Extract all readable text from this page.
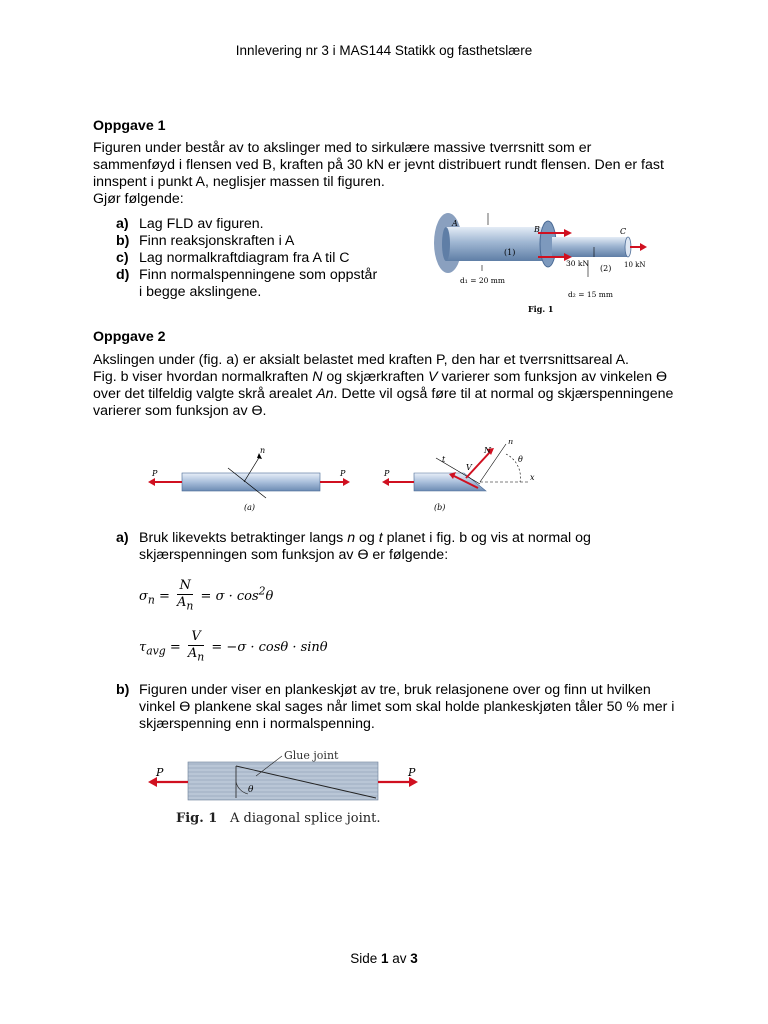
Innlevering nr 3 i MAS144 Statikk og fasthetslære
Oppgave 1
Figuren under består av to akslinger med to sirkulære massive tverrsnitt som er
sammenføyd i flensen ved B, kraften på 30 kN er jevnt distribuert rundt flensen. Den er fast
innspent i punkt A, neglisjer massen til figuren.
Gjør følgende:
a) Lag FLD av figuren.
b) Finn reaksjonskraften i A
c) Lag normalkraftdiagram fra A til C
d) Finn normalspenningene som oppstår
i begge akslingene.
A
B	C
(1)
(2)
30 kN	10 kN
d₁ = 20 mm
d₂ = 15 mm
Fig. 1
Oppgave 2
Akslingen under (fig. a) er aksialt belastet med kraften P, den har et tverrsnittsareal A.
Fig. b viser hvordan normalkraften N og skjærkraften V varierer som funksjon av vinkelen ϴ
over det tilfeldig valgte skrå arealet An. Dette vil også føre til at normal og skjærspenningene
varierer som funksjon av ϴ.
P	P
n
(a)
P
t
N
V
n
θ
x
(b)
a) Bruk likevekts betraktinger langs n og t planet i fig. b og vis at normal og
skjærspenningen som funksjon av ϴ er følgende:
$\sigma_n = \frac{N}{A_n} = \sigma \cdot \cos^2\theta$
$\tau_{avg} = \frac{V}{A_n} = -\sigma \cdot \cos\theta \cdot \sin\theta$
b) Figuren under viser en plankeskjøt av tre, bruk relasjonene over og finn ut hvilken
vinkel ϴ plankene skal sages når limet som skal holde plankeskjøten tåler 50 % mer i
skjærspenning enn i normalspenning.
Glue joint
P	P
θ
Fig. 1 A diagonal splice joint.
Side 1 av 3
